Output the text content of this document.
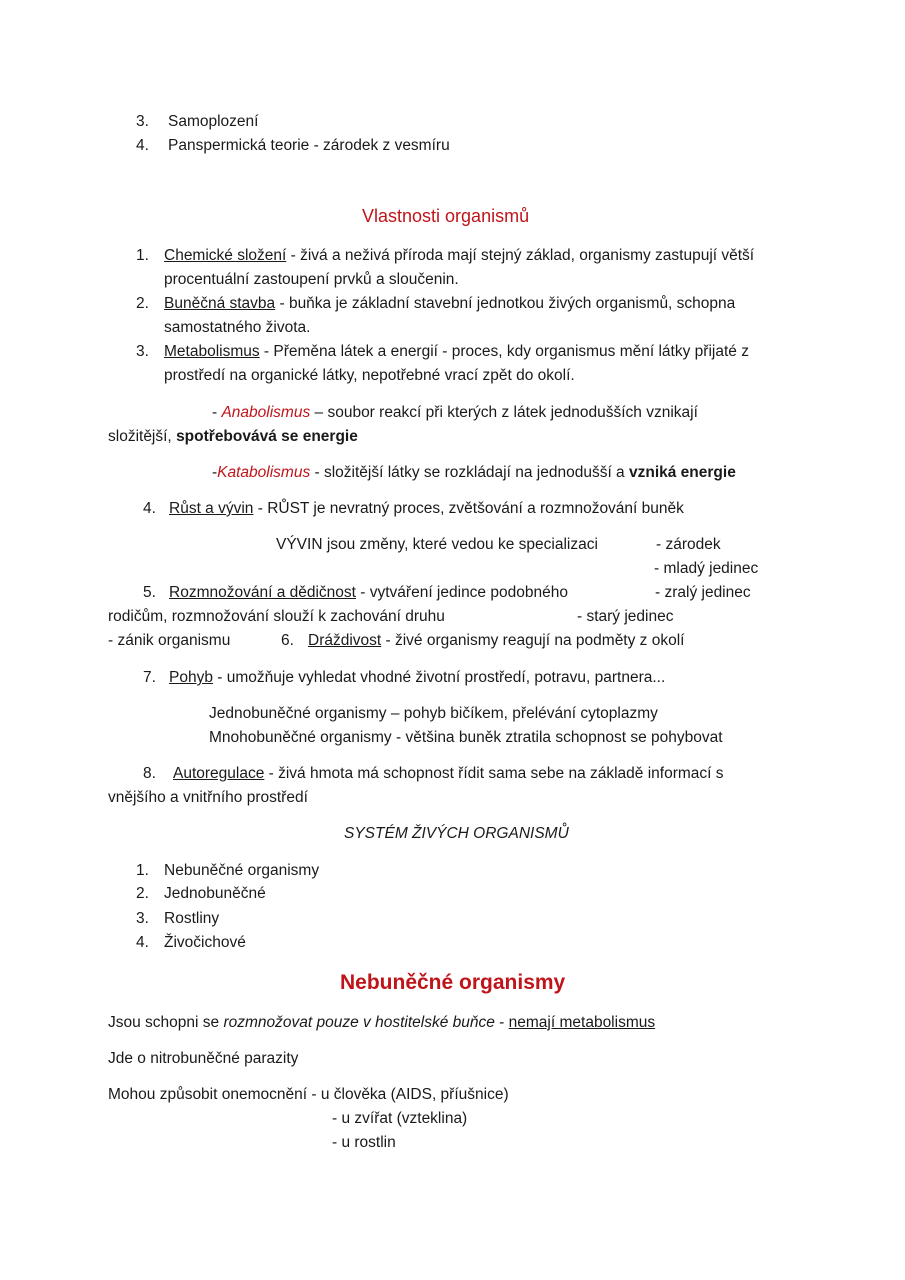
3. Samoplození
4. Panspermická teorie - zárodek z vesmíru
Vlastnosti organismů
1. Chemické složení - živá a neživá příroda mají stejný základ, organismy zastupují větší
procentuální zastoupení prvků a sloučenin.
2. Buněčná stavba - buňka je základní stavební jednotkou živých organismů, schopna
samostatného života.
3. Metabolismus - Přeměna látek a energií - proces, kdy organismus mění látky přijaté z
prostředí na organické látky, nepotřebné vrací zpět do okolí.
- Anabolismus – soubor reakcí při kterých z látek jednodušších vznikají
složitější, spotřebovává se energie
-Katabolismus - složitější látky se rozkládají na jednodušší a vzniká energie
4. Růst a vývin - RŮST je nevratný proces, zvětšování a rozmnožování buněk
VÝVIN jsou změny, které vedou ke specializaci	- zárodek
- mladý jedinec
- zralý jedinec
- starý jedinec
- zánik organismu
5. Rozmnožování a dědičnost - vytváření jedince podobného
rodičům, rozmnožování slouží k zachování druhu
6. Dráždivost - živé organismy reagují na podměty z okolí
7. Pohyb - umožňuje vyhledat vhodné životní prostředí, potravu, partnera...
Jednobuněčné organismy – pohyb bičíkem, přelévání cytoplazmy
Mnohobuněčné organismy - většina buněk ztratila schopnost se pohybovat
8. Autoregulace - živá hmota má schopnost řídit sama sebe na základě informací s
vnějšího a vnitřního prostředí
SYSTÉM ŽIVÝCH ORGANISMŮ
1. Nebuněčné organismy
2. Jednobuněčné
3. Rostliny
4. Živočichové
Nebuněčné organismy
Jsou schopni se rozmnožovat pouze v hostitelské buňce - nemají metabolismus
Jde o nitrobuněčné parazity
Mohou způsobit onemocnění - u člověka (AIDS, příušnice)
- u zvířat (vzteklina)
- u rostlin
